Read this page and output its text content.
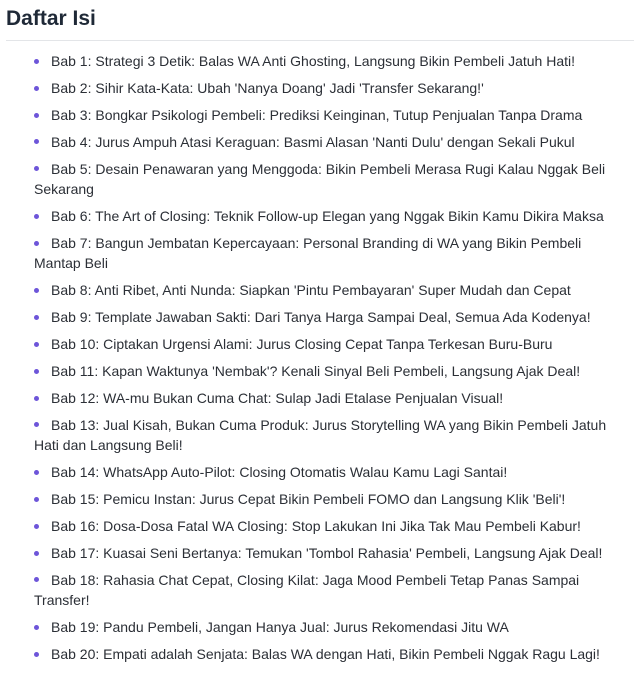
Daftar Isi
Bab 1: Strategi 3 Detik: Balas WA Anti Ghosting, Langsung Bikin Pembeli Jatuh Hati!
Bab 2: Sihir Kata-Kata: Ubah 'Nanya Doang' Jadi 'Transfer Sekarang!'
Bab 3: Bongkar Psikologi Pembeli: Prediksi Keinginan, Tutup Penjualan Tanpa Drama
Bab 4: Jurus Ampuh Atasi Keraguan: Basmi Alasan 'Nanti Dulu' dengan Sekali Pukul
Bab 5: Desain Penawaran yang Menggoda: Bikin Pembeli Merasa Rugi Kalau Nggak Beli Sekarang
Bab 6: The Art of Closing: Teknik Follow-up Elegan yang Nggak Bikin Kamu Dikira Maksa
Bab 7: Bangun Jembatan Kepercayaan: Personal Branding di WA yang Bikin Pembeli Mantap Beli
Bab 8: Anti Ribet, Anti Nunda: Siapkan 'Pintu Pembayaran' Super Mudah dan Cepat
Bab 9: Template Jawaban Sakti: Dari Tanya Harga Sampai Deal, Semua Ada Kodenya!
Bab 10: Ciptakan Urgensi Alami: Jurus Closing Cepat Tanpa Terkesan Buru-Buru
Bab 11: Kapan Waktunya 'Nembak'? Kenali Sinyal Beli Pembeli, Langsung Ajak Deal!
Bab 12: WA-mu Bukan Cuma Chat: Sulap Jadi Etalase Penjualan Visual!
Bab 13: Jual Kisah, Bukan Cuma Produk: Jurus Storytelling WA yang Bikin Pembeli Jatuh Hati dan Langsung Beli!
Bab 14: WhatsApp Auto-Pilot: Closing Otomatis Walau Kamu Lagi Santai!
Bab 15: Pemicu Instan: Jurus Cepat Bikin Pembeli FOMO dan Langsung Klik 'Beli'!
Bab 16: Dosa-Dosa Fatal WA Closing: Stop Lakukan Ini Jika Tak Mau Pembeli Kabur!
Bab 17: Kuasai Seni Bertanya: Temukan 'Tombol Rahasia' Pembeli, Langsung Ajak Deal!
Bab 18: Rahasia Chat Cepat, Closing Kilat: Jaga Mood Pembeli Tetap Panas Sampai Transfer!
Bab 19: Pandu Pembeli, Jangan Hanya Jual: Jurus Rekomendasi Jitu WA
Bab 20: Empati adalah Senjata: Balas WA dengan Hati, Bikin Pembeli Nggak Ragu Lagi!
